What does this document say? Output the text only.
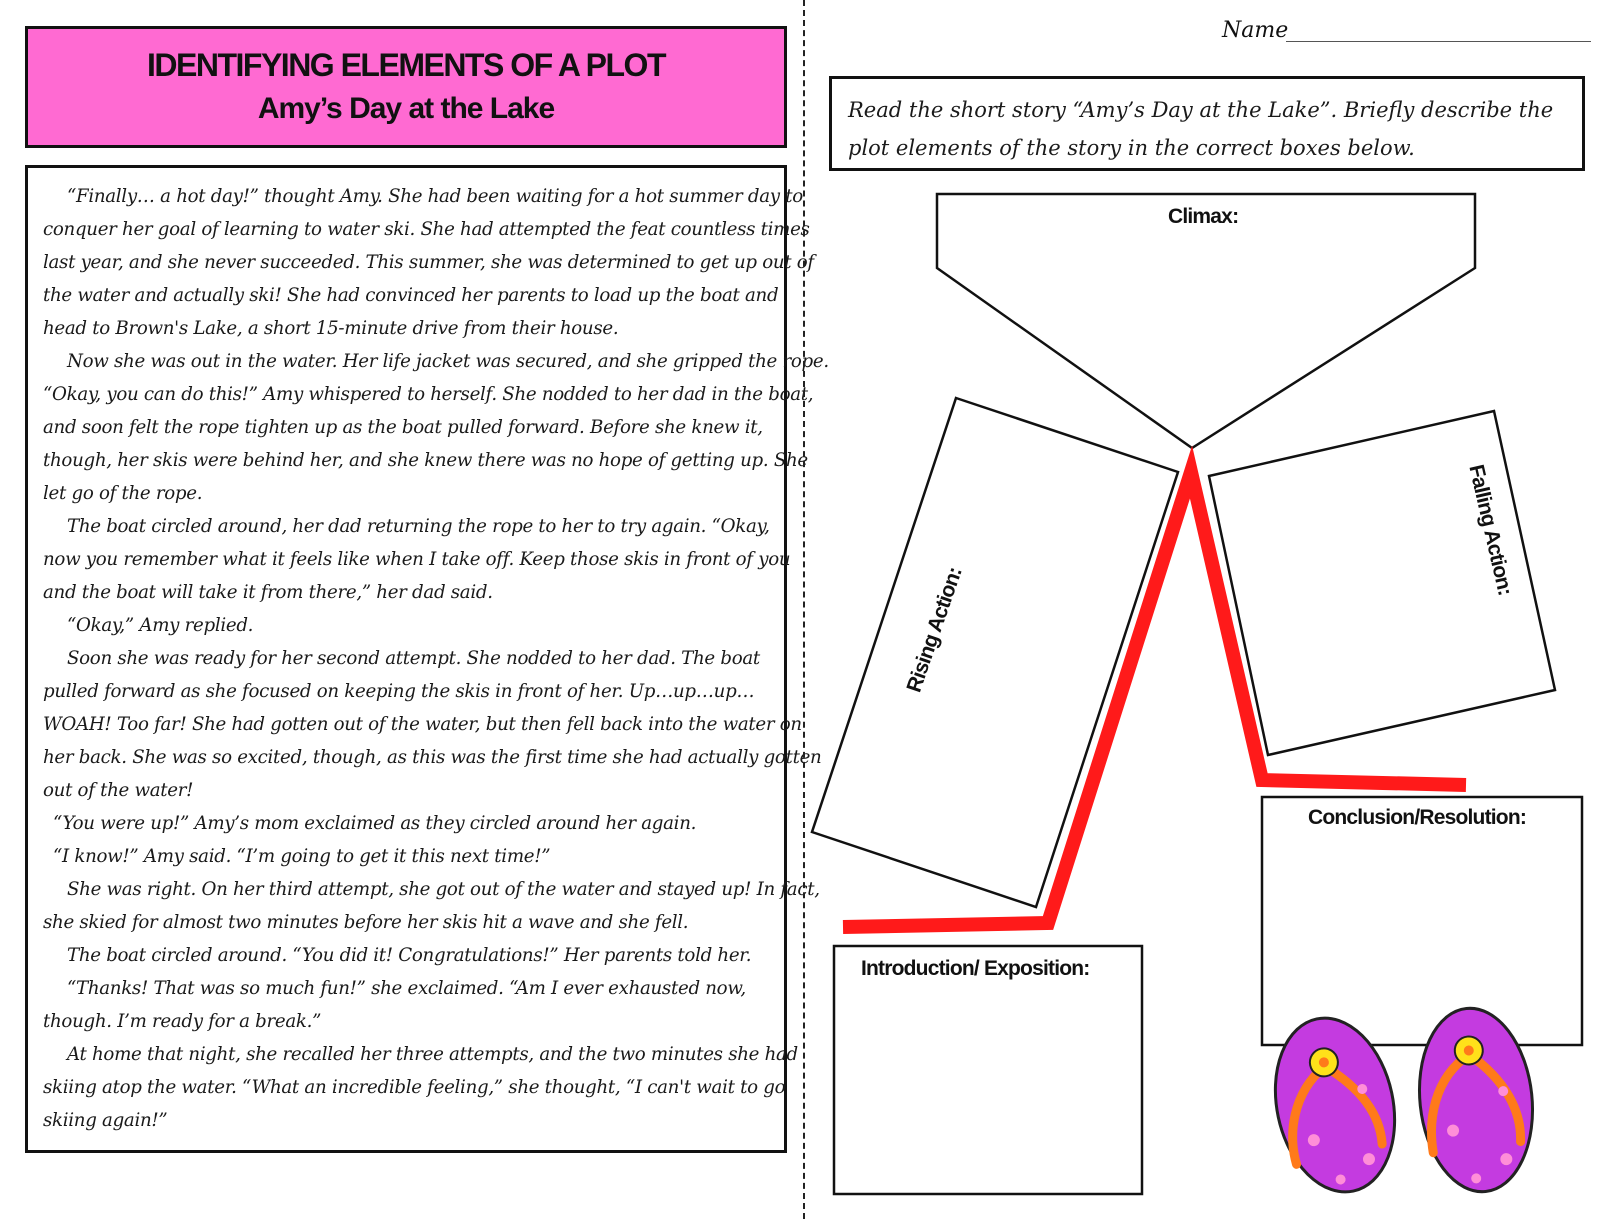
IDENTIFYING ELEMENTS OF A PLOT
Amy’s Day at the Lake

“Finally… a hot day!” thought Amy. She had been waiting for a hot summer day to

conquer her goal of learning to water ski. She had attempted the feat countless times

last year, and she never succeeded. This summer, she was determined to get up out of

the water and actually ski! She had convinced her parents to load up the boat and

head to Brown's Lake, a short 15-minute drive from their house.

Now she was out in the water. Her life jacket was secured, and she gripped the rope.

“Okay, you can do this!” Amy whispered to herself. She nodded to her dad in the boat,

and soon felt the rope tighten up as the boat pulled forward. Before she knew it,

though, her skis were behind her, and she knew there was no hope of getting up. She

let go of the rope.

The boat circled around, her dad returning the rope to her to try again. “Okay,

now you remember what it feels like when I take off. Keep those skis in front of you

and the boat will take it from there,” her dad said.

“Okay,” Amy replied.

Soon she was ready for her second attempt. She nodded to her dad. The boat

pulled forward as she focused on keeping the skis in front of her. Up…up…up…

WOAH! Too far! She had gotten out of the water, but then fell back into the water on

her back. She was so excited, though, as this was the first time she had actually gotten

out of the water!

“You were up!” Amy’s mom exclaimed as they circled around her again.

“I know!” Amy said. “I’m going to get it this next time!”

She was right. On her third attempt, she got out of the water and stayed up! In fact,

she skied for almost two minutes before her skis hit a wave and she fell.

The boat circled around. “You did it! Congratulations!” Her parents told her.

“Thanks! That was so much fun!” she exclaimed. “Am I ever exhausted now,

though. I’m ready for a break.”

At home that night, she recalled her three attempts, and the two minutes she had

skiing atop the water. “What an incredible feeling,” she thought, “I can't wait to go

skiing again!”

Name
Read the short story “Amy’s Day at the Lake”. Briefly describe the plot elements of the story in the correct boxes below.
Climax:
Rising Action:
Falling Action:
Conclusion/Resolution:
Introduction/ Exposition:
